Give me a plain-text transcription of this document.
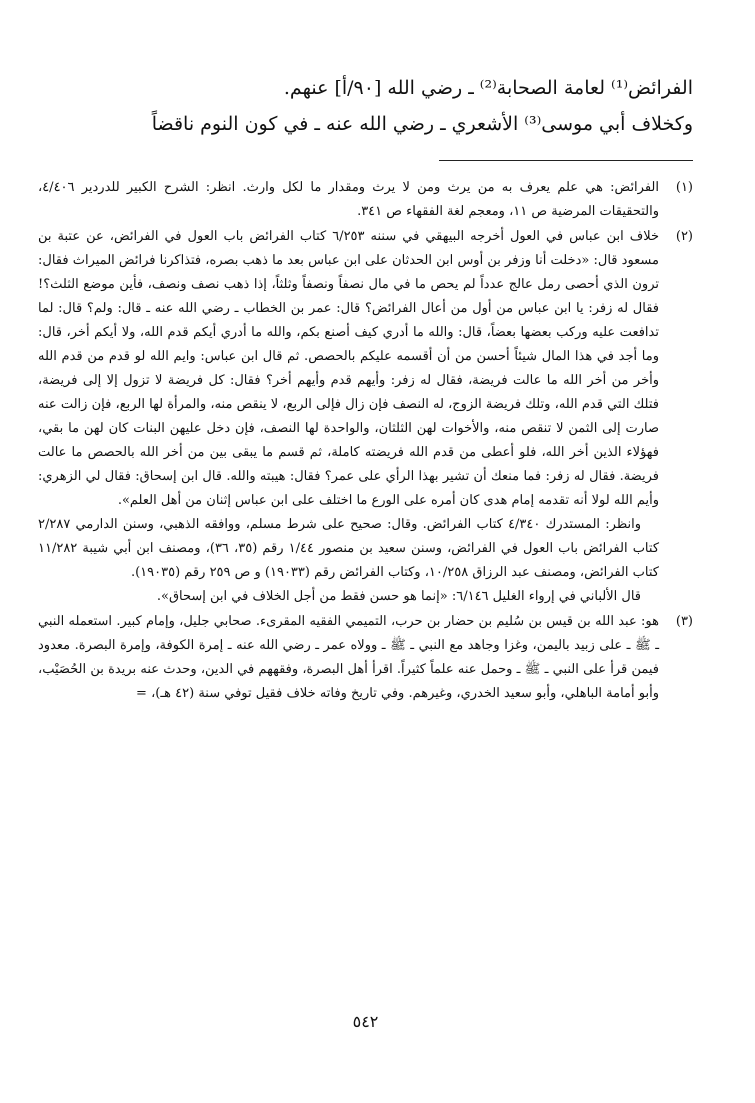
الفرائض⁽¹⁾ لعامة الصحابة⁽²⁾ ـ رضي الله [٩٠/أ] عنهم.
وكخلاف أبي موسى⁽³⁾ الأشعري ـ رضي الله عنه ـ في كون النوم ناقضاً
(١)

الفرائض: هي علم يعرف به من يرث ومن لا يرث ومقدار ما لكل وارث. انظر: الشرح الكبير للدردير ٤/٤٠٦، والتحقيقات المرضية ص ١١، ومعجم لغة الفقهاء ص ٣٤١.

(٢)

خلاف ابن عباس في العول أخرجه البيهقي في سننه ٦/٢٥٣ كتاب الفرائض باب العول في الفرائض، عن عتبة بن مسعود قال: «دخلت أنا وزفر بن أوس ابن الحدثان على ابن عباس بعد ما ذهب بصره، فتذاكرنا فرائض الميراث فقال: ترون الذي أحصى رمل عالج عدداً لم يحص ما في مال نصفاً ونصفاً وثلثاً، إذا ذهب نصف ونصف، فأين موضع الثلث؟! فقال له زفر: يا ابن عباس من أول من أعال الفرائض؟ قال: عمر بن الخطاب ـ رضي الله عنه ـ قال: ولم؟ قال: لما تدافعت عليه وركب بعضها بعضاً، قال: والله ما أدري كيف أصنع بكم، والله ما أدري أيكم قدم الله، ولا أيكم أخر، قال: وما أجد في هذا المال شيئاً أحسن من أن أقسمه عليكم بالحصص. ثم قال ابن عباس: وايم الله لو قدم من قدم الله وأخر من أخر الله ما عالت فريضة، فقال له زفر: وأيهم قدم وأيهم أخر؟ فقال: كل فريضة لا تزول إلا إلى فريضة، فتلك التي قدم الله، وتلك فريضة الزوج، له النصف فإن زال فإلى الربع، لا ينقص منه، والمرأة لها الربع، فإن زالت عنه صارت إلى الثمن لا تنقص منه، والأخوات لهن الثلثان، والواحدة لها النصف، فإن دخل عليهن البنات كان لهن ما بقي، فهؤلاء الذين أخر الله، فلو أعطى من قدم الله فريضته كاملة، ثم قسم ما يبقى بين من أخر الله بالحصص ما عالت فريضة. فقال له زفر: فما منعك أن تشير بهذا الرأي على عمر؟ فقال: هيبته والله. قال ابن إسحاق: فقال لي الزهري: وأيم الله لولا أنه تقدمه إمام هدى كان أمره على الورع ما اختلف على ابن عباس إثنان من أهل العلم».

وانظر: المستدرك ٤/٣٤٠ كتاب الفرائض. وقال: صحيح على شرط مسلم، ووافقه الذهبي، وسنن الدارمي ٢/٢٨٧ كتاب الفرائض باب العول في الفرائض، وسنن سعيد بن منصور ١/٤٤ رقم (٣٥، ٣٦)، ومصنف ابن أبي شيبة ١١/٢٨٢ كتاب الفرائض، ومصنف عبد الرزاق ١٠/٢٥٨، وكتاب الفرائض رقم (١٩٠٣٣) و ص ٢٥٩ رقم (١٩٠٣٥).

قال الألباني في إرواء الغليل ٦/١٤٦: «إنما هو حسن فقط من أجل الخلاف في ابن إسحاق».

(٣)

هو: عبد الله بن قيس بن سُليم بن حضار بن حرب، التميمي الفقيه المقرىء. صحابي جليل، وإمام كبير. استعمله النبي ـ ﷺ ـ على زبيد باليمن، وغزا وجاهد مع النبي ـ ﷺ ـ وولاه عمر ـ رضي الله عنه ـ إمرة الكوفة، وإمرة البصرة. معدود فيمن قرأ على النبي ـ ﷺ ـ وحمل عنه علماً كثيراً. اقرأ أهل البصرة، وفقههم في الدين، وحدث عنه بريدة بن الحُصَيْب، وأبو أمامة الباهلي، وأبو سعيد الخدري، وغيرهم. وفي تاريخ وفاته خلاف فقيل توفي سنة (٤٢ هـ)، =

٥٤٢
